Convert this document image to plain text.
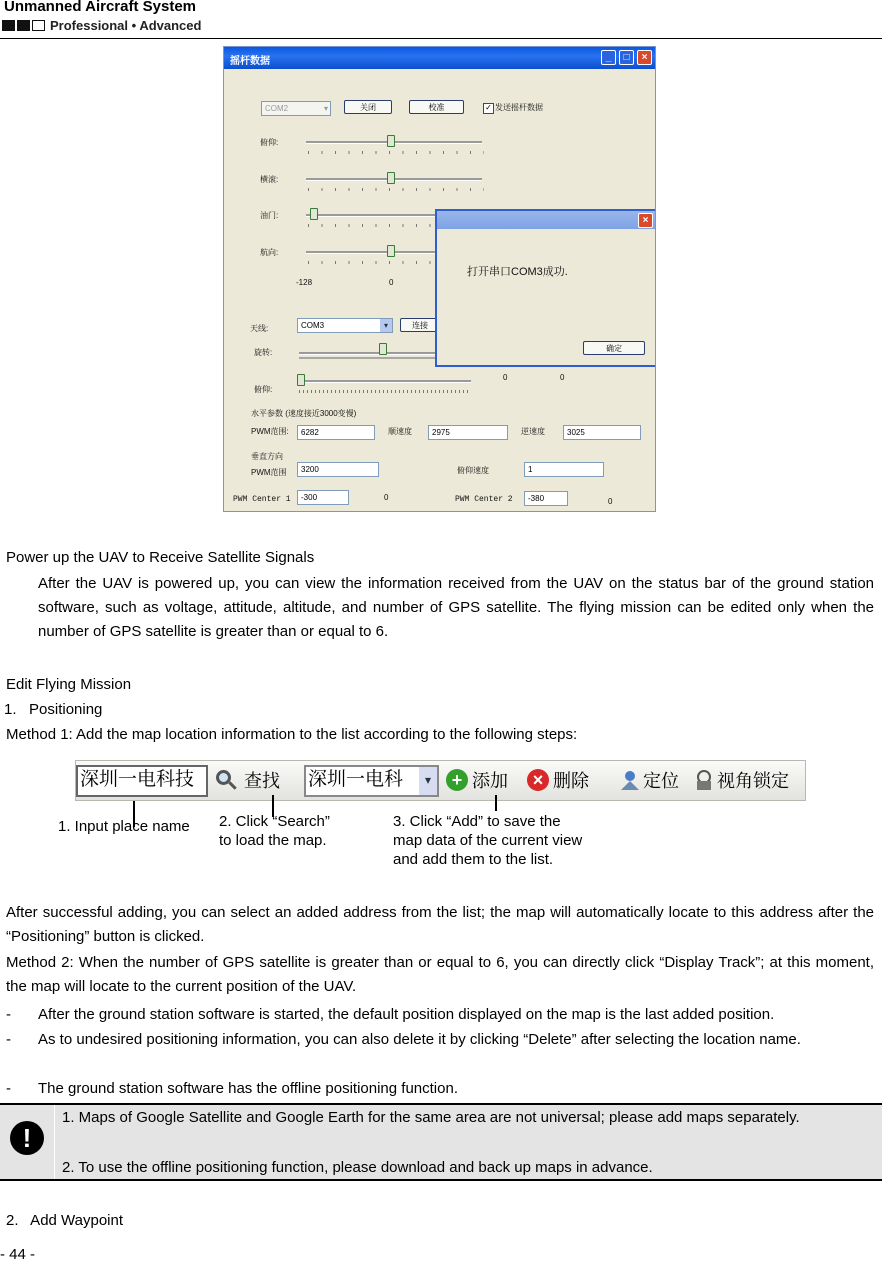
Unmanned Aircraft System
Professional • Advanced
摇杆数据	_	□	×
COM2	▾	关闭	校准	✓ 发送摇杆数据
俯仰:
横滚:
油门:
航向:
-128	0
天线:	COM3	▾	连接
旋转:
俯仰:
0	0
水平参数 (速度接近3000变慢)
PWM范围:	6282	顺速度	2975	逆速度	3025
垂直方向
PWM范围	3200	俯仰速度	1
PWM Center 1	-300	0	PWM Center 2	-380	0
×
打开串口COM3成功.
确定
Power up the UAV to Receive Satellite Signals
After the UAV is powered up, you can view the information received from the UAV on the status bar of the ground station software, such as voltage, attitude, altitude, and number of GPS satellite. The flying mission can be edited only when the number of GPS satellite is greater than or equal to 6.
Edit Flying Mission
1.   Positioning
Method 1: Add the map location information to the list according to the following steps:
深圳一电科技	查找 深圳一电科	▾	+ 添加	× 删除	定位 视角锁定
1. Input place name 2. Click “Search”
to load the map.
3. Click “Add” to save the
map data of the current view
and add them to the list.
After successful adding, you can select an added address from the list; the map will automatically locate to this address after the “Positioning” button is clicked.
Method 2: When the number of GPS satellite is greater than or equal to 6, you can directly click “Display Track”; at this moment, the map will locate to the current position of the UAV.
- After the ground station software is started, the default position displayed on the map is the last added position.
-	As to undesired positioning information, you can also delete it by clicking “Delete” after selecting the location name.
- The ground station software has the offline positioning function.
!
1. Maps of Google Satellite and Google Earth for the same area are not universal; please add maps separately.
2. To use the offline positioning function, please download and back up maps in advance.
2.   Add Waypoint
- 44 -
